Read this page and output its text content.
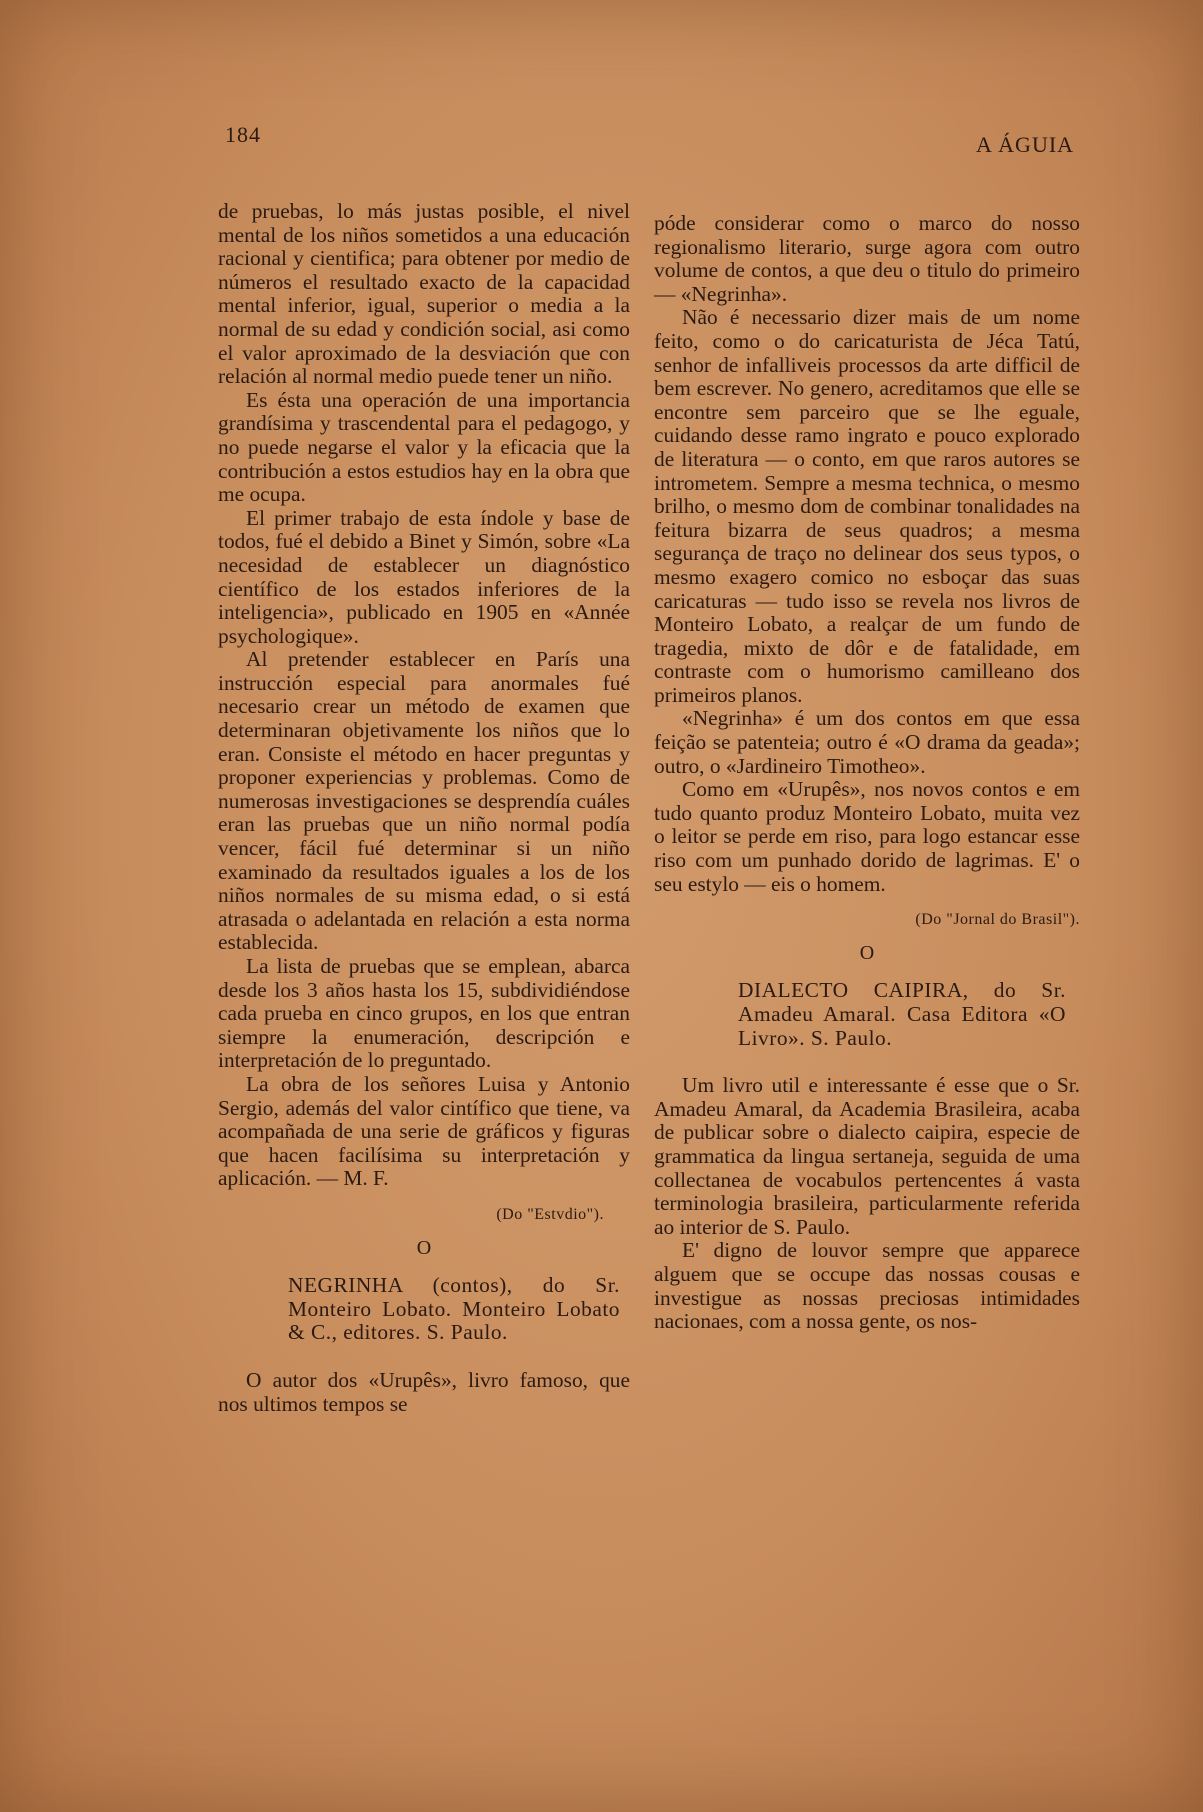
184	A ÁGUIA

de pruebas, lo más justas posible, el nivel mental de los niños sometidos a una educación racional y cientifica; para obtener por medio de números el resultado exacto de la capacidad mental inferior, igual, superior o media a la normal de su edad y condición social, asi como el valor aproximado de la desviación que con relación al normal medio puede tener un niño.

Es ésta una operación de una importancia grandísima y trascendental para el pedagogo, y no puede negarse el valor y la eficacia que la contribución a estos estudios hay en la obra que me ocupa.

El primer trabajo de esta índole y base de todos, fué el debido a Binet y Simón, sobre «La necesidad de establecer un diagnóstico científico de los estados inferiores de la inteligencia», publicado en 1905 en «Année psychologique».

Al pretender establecer en París una instrucción especial para anormales fué necesario crear un método de examen que determinaran objetivamente los niños que lo eran. Consiste el método en hacer preguntas y proponer experiencias y problemas. Como de numerosas investigaciones se desprendía cuáles eran las pruebas que un niño normal podía vencer, fácil fué determinar si un niño examinado da resultados iguales a los de los niños normales de su misma edad, o si está atrasada o adelantada en relación a esta norma establecida.

La lista de pruebas que se emplean, abarca desde los 3 años hasta los 15, subdividiéndose cada prueba en cinco grupos, en los que entran siempre la enumeración, descripción e interpretación de lo preguntado.

La obra de los señores Luisa y Antonio Sergio, además del valor cintífico que tiene, va acompañada de una serie de gráficos y figuras que hacen facilísima su interpretación y aplicación. — M. F.

(Do "Estvdio").
O
NEGRINHA (contos), do Sr. Monteiro Lobato. Monteiro Lobato & C., editores. S. Paulo.

O autor dos «Urupês», livro famoso, que nos ultimos tempos se

póde considerar como o marco do nosso regionalismo literario, surge agora com outro volume de contos, a que deu o titulo do primeiro — «Negrinha».

Não é necessario dizer mais de um nome feito, como o do caricaturista de Jéca Tatú, senhor de infalliveis processos da arte difficil de bem escrever. No genero, acreditamos que elle se encontre sem parceiro que se lhe eguale, cuidando desse ramo ingrato e pouco explorado de literatura — o conto, em que raros autores se intrometem. Sempre a mesma technica, o mesmo brilho, o mesmo dom de combinar tonalidades na feitura bizarra de seus quadros; a mesma segurança de traço no delinear dos seus typos, o mesmo exagero comico no esboçar das suas caricaturas — tudo isso se revela nos livros de Monteiro Lobato, a realçar de um fundo de tragedia, mixto de dôr e de fatalidade, em contraste com o humorismo camilleano dos primeiros planos.

«Negrinha» é um dos contos em que essa feição se patenteia; outro é «O drama da geada»; outro, o «Jardineiro Timotheo».

Como em «Urupês», nos novos contos e em tudo quanto produz Monteiro Lobato, muita vez o leitor se perde em riso, para logo estancar esse riso com um punhado dorido de lagrimas. E' o seu estylo — eis o homem.

(Do "Jornal do Brasil").
O
DIALECTO CAIPIRA, do Sr. Amadeu Amaral. Casa Editora «O Livro». S. Paulo.

Um livro util e interessante é esse que o Sr. Amadeu Amaral, da Academia Brasileira, acaba de publicar sobre o dialecto caipira, especie de grammatica da lingua sertaneja, seguida de uma collectanea de vocabulos pertencentes á vasta terminologia brasileira, particularmente referida ao interior de S. Paulo.

E' digno de louvor sempre que apparece alguem que se occupe das nossas cousas e investigue as nossas preciosas intimidades nacionaes, com a nossa gente, os nos-
